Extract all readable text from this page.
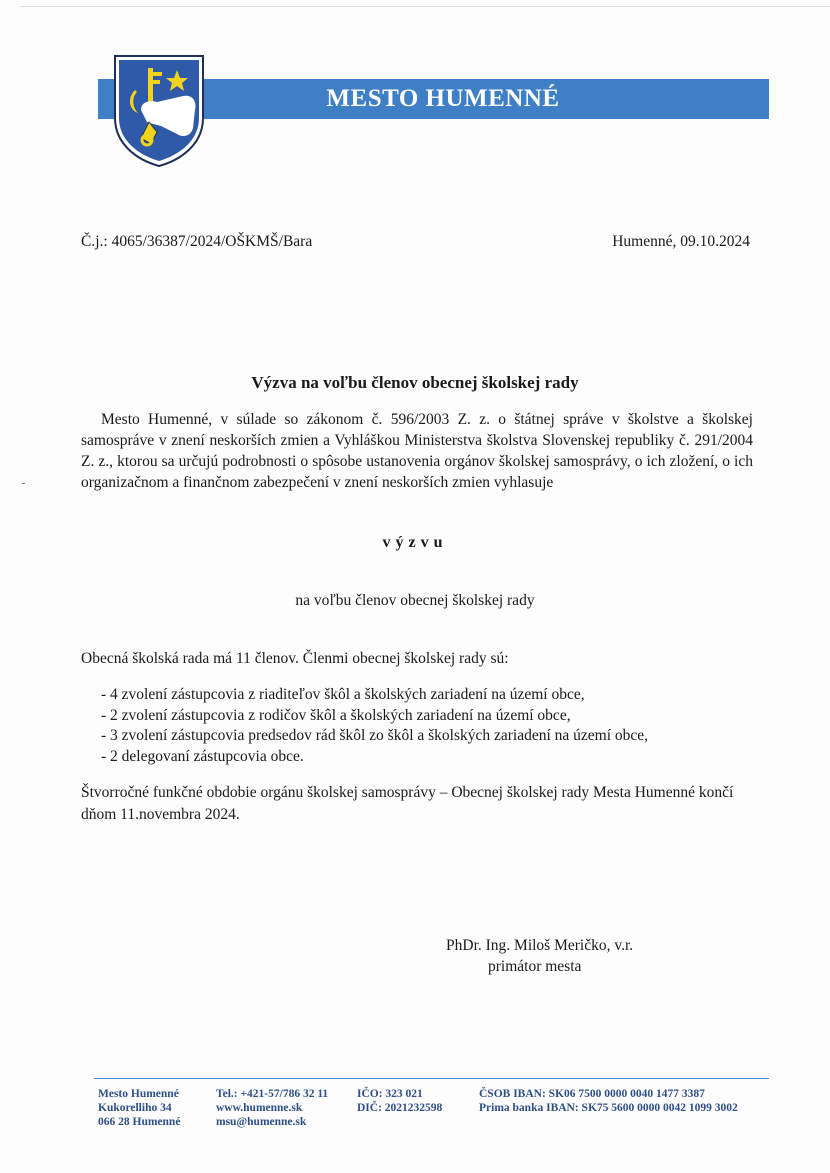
MESTO HUMENNÉ
Č.j.: 4065/36387/2024/OŠKMŠ/Bara	Humenné, 09.10.2024
Výzva na voľbu členov obecnej školskej rady
Mesto Humenné, v súlade so zákonom č. 596/2003 Z. z. o štátnej správe v školstve a školskej samospráve v znení neskorších zmien a Vyhláškou Ministerstva školstva Slovenskej republiky č. 291/2004 Z. z., ktorou sa určujú podrobnosti o spôsobe ustanovenia orgánov školskej samosprávy, o ich zložení, o ich organizačnom a finančnom zabezpečení v znení neskorších zmien vyhlasuje
výzvu
na voľbu členov obecnej školskej rady
Obecná školská rada má 11 členov. Členmi obecnej školskej rady sú:
- 4 zvolení zástupcovia z riaditeľov škôl a školských zariadení na území obce,
- 2 zvolení zástupcovia z rodičov škôl a školských zariadení na území obce,
- 3 zvolení zástupcovia predsedov rád škôl zo škôl a školských zariadení na území obce,
- 2 delegovaní zástupcovia obce.
Štvorročné funkčné obdobie orgánu školskej samosprávy – Obecnej školskej rady Mesta Humenné končí dňom 11.novembra 2024.
PhDr. Ing. Miloš Meričko, v.r.
primátor mesta
Mesto Humenné
Kukorelliho 34
066 28 Humenné
Tel.: +421-57/786 32 11
www.humenne.sk
msu@humenne.sk
IČO: 323 021
DIČ: 2021232598
ČSOB IBAN: SK06 7500 0000 0040 1477 3387
Prima banka IBAN: SK75 5600 0000 0042 1099 3002
